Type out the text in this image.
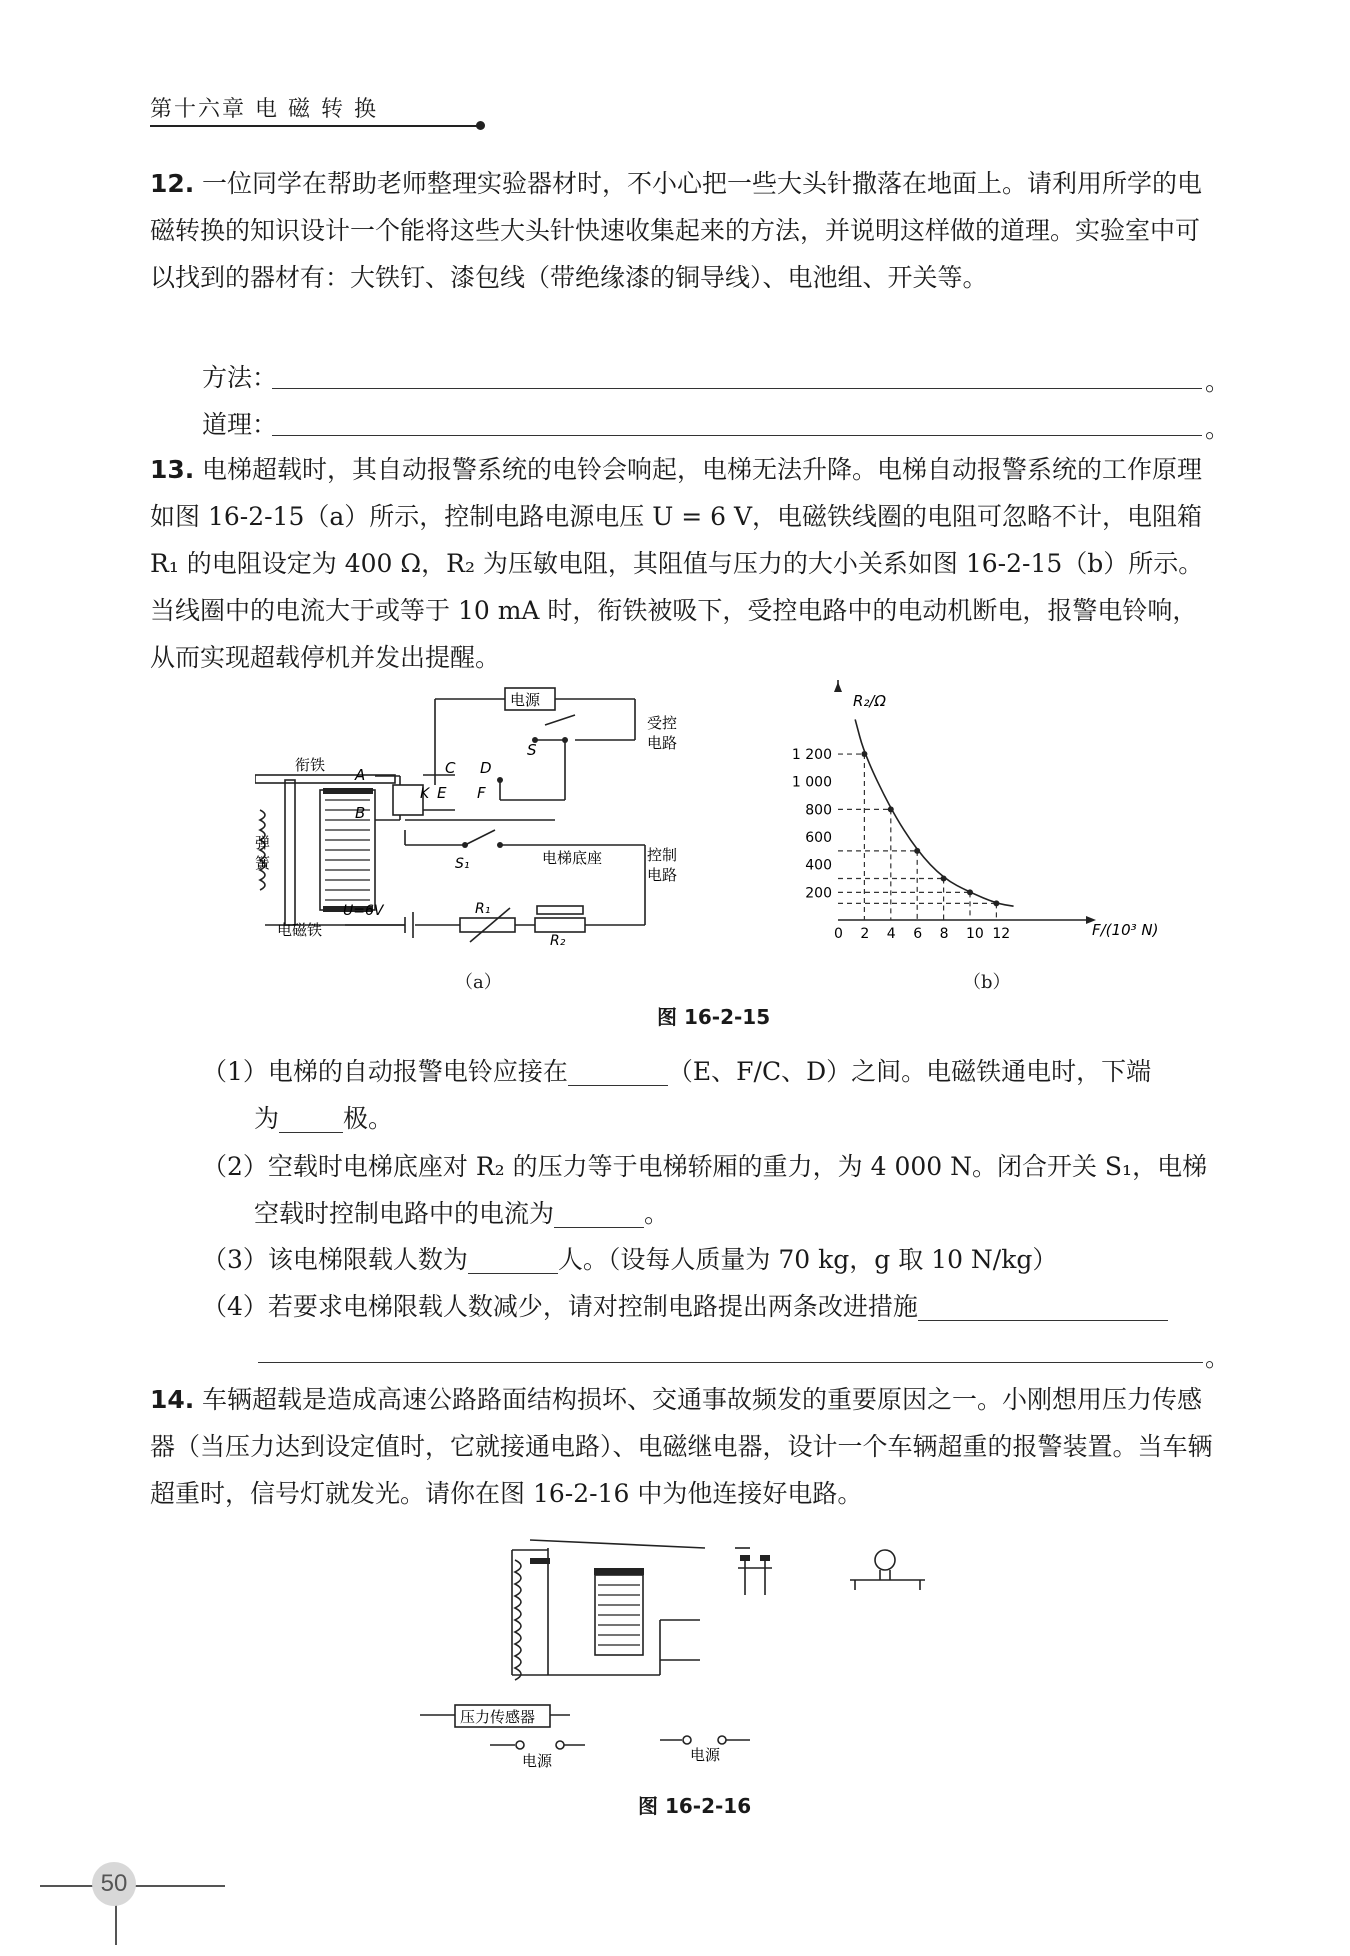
第十六章 电 磁 转 换
12. 一位同学在帮助老师整理实验器材时，不小心把一些大头针撒落在地面上。请利用所学的电磁转换的知识设计一个能将这些大头针快速收集起来的方法，并说明这样做的道理。实验室中可以找到的器材有：大铁钉、漆包线（带绝缘漆的铜导线）、电池组、开关等。
方法：	。
道理：	。
13. 电梯超载时，其自动报警系统的电铃会响起，电梯无法升降。电梯自动报警系统的工作原理如图 16-2-15（a）所示，控制电路电源电压 U = 6 V，电磁铁线圈的电阻可忽略不计，电阻箱 R₁ 的电阻设定为 400 Ω，R₂ 为压敏电阻，其阻值与压力的大小关系如图 16-2-15（b）所示。当线圈中的电流大于或等于 10 mA 时，衔铁被吸下，受控电路中的电动机断电，报警电铃响，从而实现超载停机并发出提醒。
电源
受控
电路
衔铁
弹
簧
电磁铁
电梯底座	控制
电路
C D
E F
A
B
K
S
S₁
U=6V	R₁
R₂
（a）
0 2 4 6 8 10 12
200
400
600
800
1 000
1 200
R₂/Ω
F/(10³ N)
（b）
图 16-2-15
（1）电梯的自动报警电铃应接在	（E、F/C、D）之间。电磁铁通电时，下端
为	极。
（2）空载时电梯底座对 R₂ 的压力等于电梯轿厢的重力，为 4 000 N。闭合开关 S₁，电梯
空载时控制电路中的电流为	。
（3）该电梯限载人数为	人。（设每人质量为 70 kg，g 取 10 N/kg）
（4）若要求电梯限载人数减少，请对控制电路提出两条改进措施
。
14. 车辆超载是造成高速公路路面结构损坏、交通事故频发的重要原因之一。小刚想用压力传感器（当压力达到设定值时，它就接通电路）、电磁继电器，设计一个车辆超重的报警装置。当车辆超重时，信号灯就发光。请你在图 16-2-16 中为他连接好电路。
压力传感器
电源	电源
图 16-2-16
50
